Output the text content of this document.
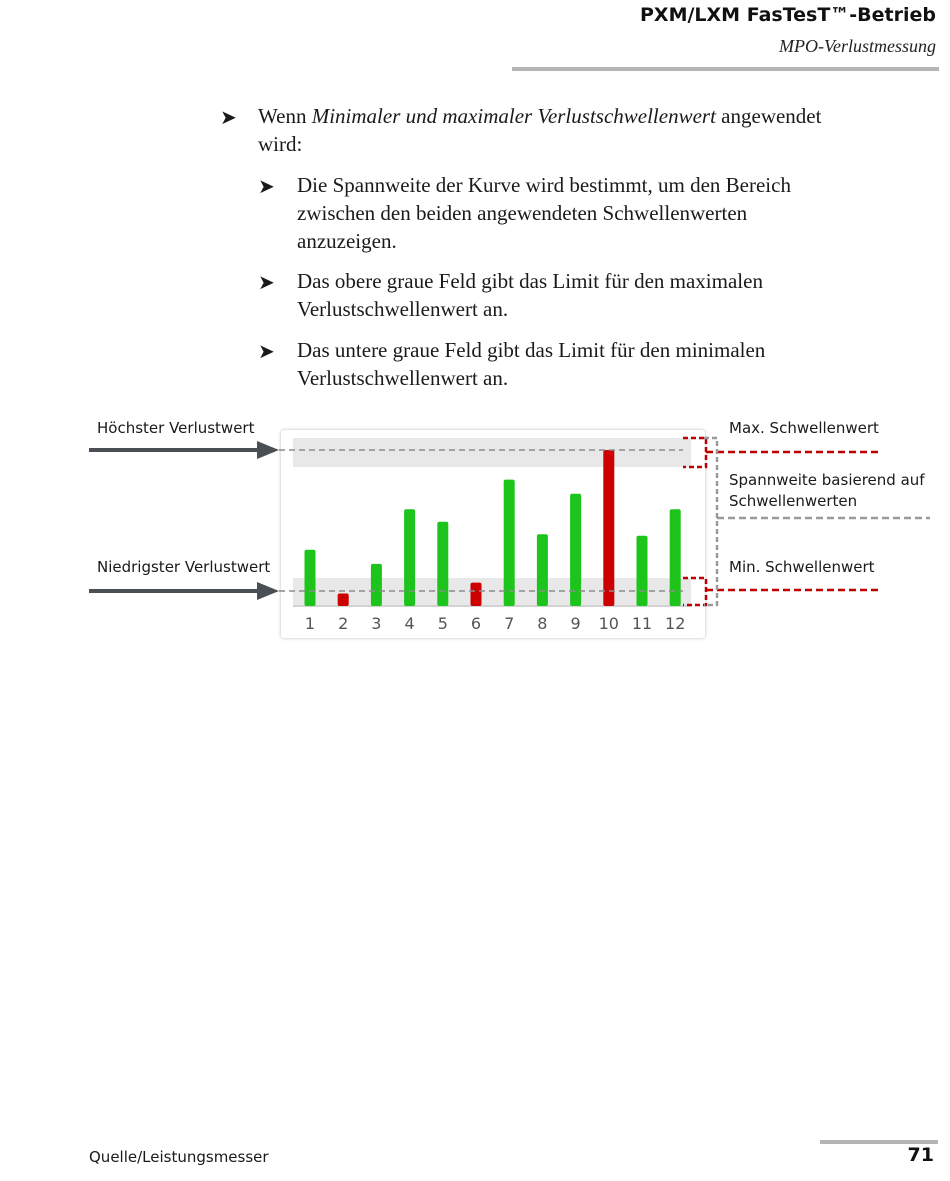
PXM/LXM FasTesT™-Betrieb
MPO-Verlustmessung
➤ Wenn Minimaler und maximaler Verlustschwellenwert angewendet
wird:
➤ Die Spannweite der Kurve wird bestimmt, um den Bereich
zwischen den beiden angewendeten Schwellenwerten
anzuzeigen.
➤ Das obere graue Feld gibt das Limit für den maximalen
Verlustschwellenwert an.
➤ Das untere graue Feld gibt das Limit für den minimalen
Verlustschwellenwert an.
Höchster Verlustwert
Niedrigster Verlustwert
Max. Schwellenwert
Spannweite basierend auf
Schwellenwerten
Min. Schwellenwert
1 2 3 4 5 6 7 8 9 10 11 12
Quelle/Leistungsmesser	71
